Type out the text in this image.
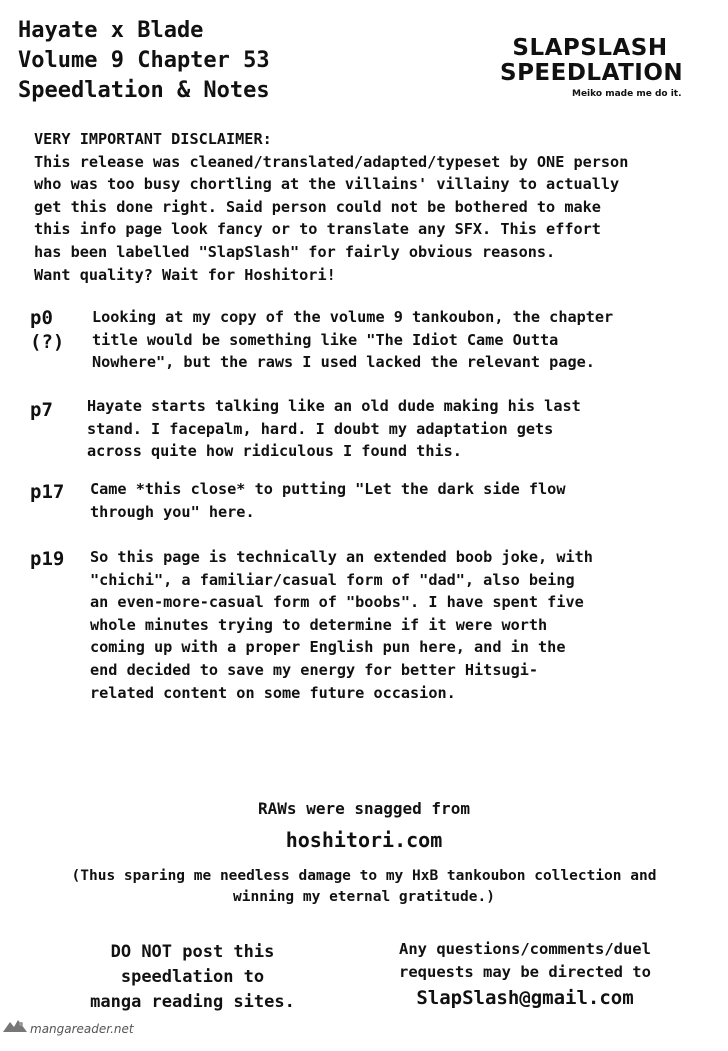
Hayate x Blade
Volume 9 Chapter 53
Speedlation & Notes
SLAPSLASH
SPEEDLATION
Meiko made me do it.
VERY IMPORTANT DISCLAIMER:
This release was cleaned/translated/adapted/typeset by ONE person
who was too busy chortling at the villains' villainy to actually
get this done right. Said person could not be bothered to make
this info page look fancy or to translate any SFX. This effort
has been labelled "SlapSlash" for fairly obvious reasons.
Want quality? Wait for Hoshitori!
p0
(?)
Looking at my copy of the volume 9 tankoubon, the chapter
title would be something like "The Idiot Came Outta
Nowhere", but the raws I used lacked the relevant page.
p7 Hayate starts talking like an old dude making his last
stand. I facepalm, hard. I doubt my adaptation gets
across quite how ridiculous I found this.
p17 Came *this close* to putting "Let the dark side flow
through you" here.
p19 So this page is technically an extended boob joke, with
"chichi", a familiar/casual form of "dad", also being
an even-more-casual form of "boobs". I have spent five
whole minutes trying to determine if it were worth
coming up with a proper English pun here, and in the
end decided to save my energy for better Hitsugi-
related content on some future occasion.
RAWs were snagged from
hoshitori.com
(Thus sparing me needless damage to my HxB tankoubon collection and
winning my eternal gratitude.)
DO NOT post this
speedlation to
manga reading sites.
Any questions/comments/duel
requests may be directed to
SlapSlash@gmail.com
mangareader.net
